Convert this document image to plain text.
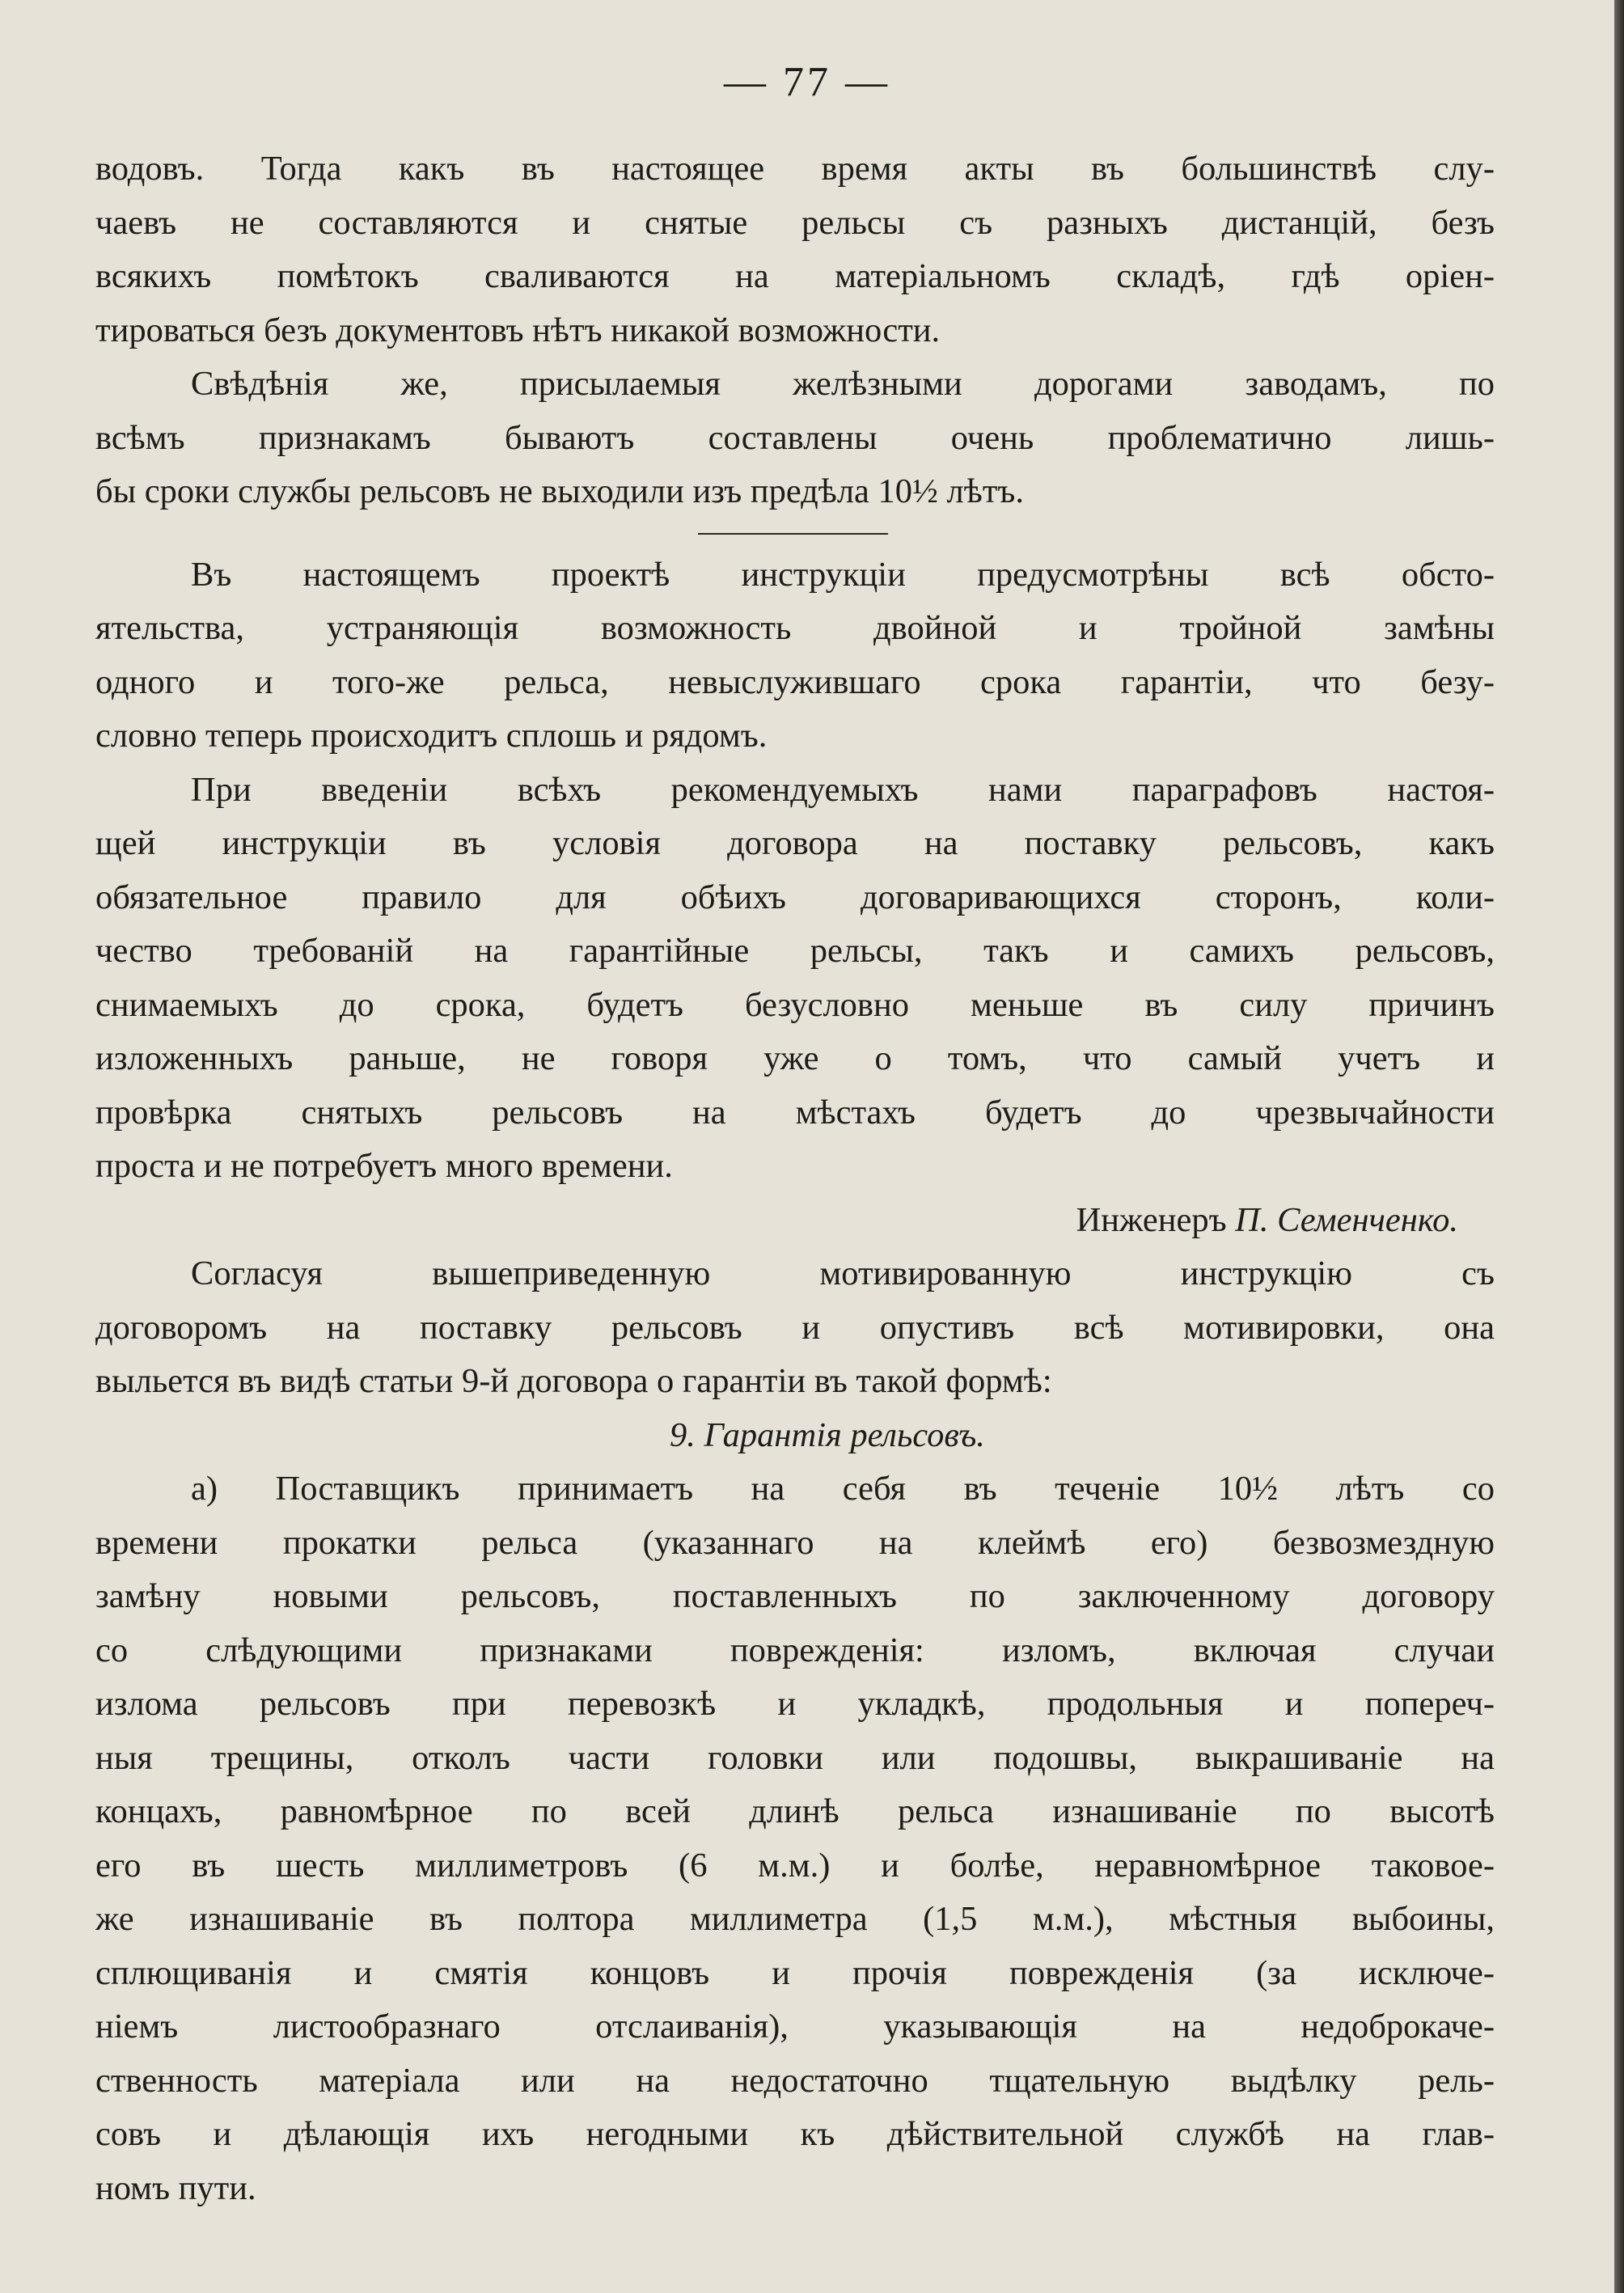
— 77 —
водовъ. Тогда какъ въ настоящее время акты въ большинствѣ слу-
чаевъ не составляются и снятые рельсы съ разныхъ дистанцій, безъ
всякихъ помѣтокъ сваливаются на матеріальномъ складѣ, гдѣ оріен-
тироваться безъ документовъ нѣтъ никакой возможности.
Свѣдѣнія же, присылаемыя желѣзными дорогами заводамъ, по
всѣмъ признакамъ бываютъ составлены очень проблематично лишь-
бы сроки службы рельсовъ не выходили изъ предѣла 10½ лѣтъ.
Въ настоящемъ проектѣ инструкціи предусмотрѣны всѣ обсто-
ятельства, устраняющія возможность двойной и тройной замѣны
одного и того-же рельса, невыслужившаго срока гарантіи, что безу-
словно теперь происходитъ сплошь и рядомъ.
При введеніи всѣхъ рекомендуемыхъ нами параграфовъ настоя-
щей инструкціи въ условія договора на поставку рельсовъ, какъ
обязательное правило для обѣихъ договаривающихся сторонъ, коли-
чество требованій на гарантійные рельсы, такъ и самихъ рельсовъ,
снимаемыхъ до срока, будетъ безусловно меньше въ силу причинъ
изложенныхъ раньше, не говоря уже о томъ, что самый учетъ и
провѣрка снятыхъ рельсовъ на мѣстахъ будетъ до чрезвычайности
проста и не потребуетъ много времени.
Инженеръ П. Семенченко.
Согласуя вышеприведенную мотивированную инструкцію съ
договоромъ на поставку рельсовъ и опустивъ всѣ мотивировки, она
выльется въ видѣ статьи 9-й договора о гарантіи въ такой формѣ:
9. Гарантія рельсовъ.
а) Поставщикъ принимаетъ на себя въ теченіе 10½ лѣтъ со
времени прокатки рельса (указаннаго на клеймѣ его) безвозмездную
замѣну новыми рельсовъ, поставленныхъ по заключенному договору
со слѣдующими признаками поврежденія: изломъ, включая случаи
излома рельсовъ при перевозкѣ и укладкѣ, продольныя и попереч-
ныя трещины, отколъ части головки или подошвы, выкрашиваніе на
концахъ, равномѣрное по всей длинѣ рельса изнашиваніе по высотѣ
его въ шесть миллиметровъ (6 м.м.) и болѣе, неравномѣрное таковое-
же изнашиваніе въ полтора миллиметра (1,5 м.м.), мѣстныя выбоины,
сплющиванія и смятія концовъ и прочія поврежденія (за исключе-
ніемъ листообразнаго отслаиванія), указывающія на недоброкачe-
ственность матеріала или на недостаточно тщательную выдѣлку рель-
совъ и дѣлающія ихъ негодными къ дѣйствительной службѣ на глав-
номъ пути.
